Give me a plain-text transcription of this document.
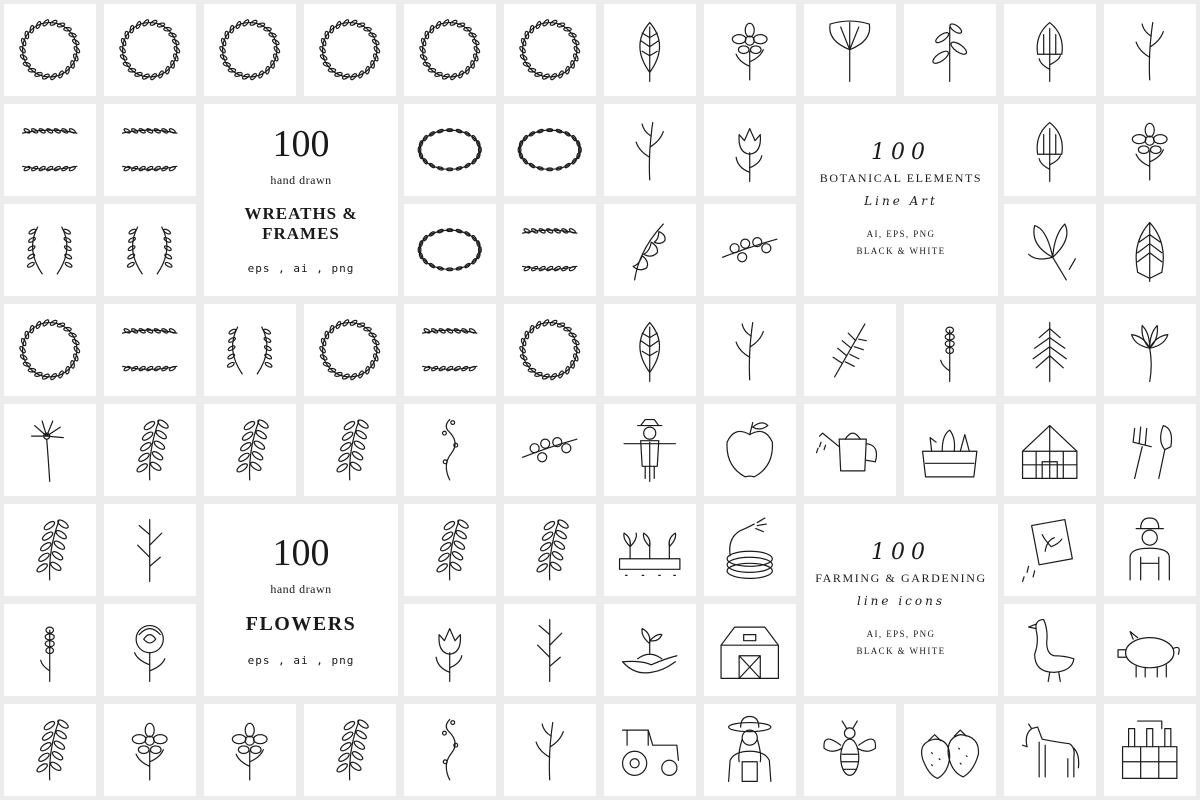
100
hand drawn
WREATHS & FRAMES
eps , ai , png
100
BOTANICAL ELEMENTS
Line Art
AI, EPS, PNG
BLACK & WHITE
100
hand drawn
FLOWERS
eps , ai , png
100
FARMING & GARDENING
line icons
AI, EPS, PNG
BLACK & WHITE
